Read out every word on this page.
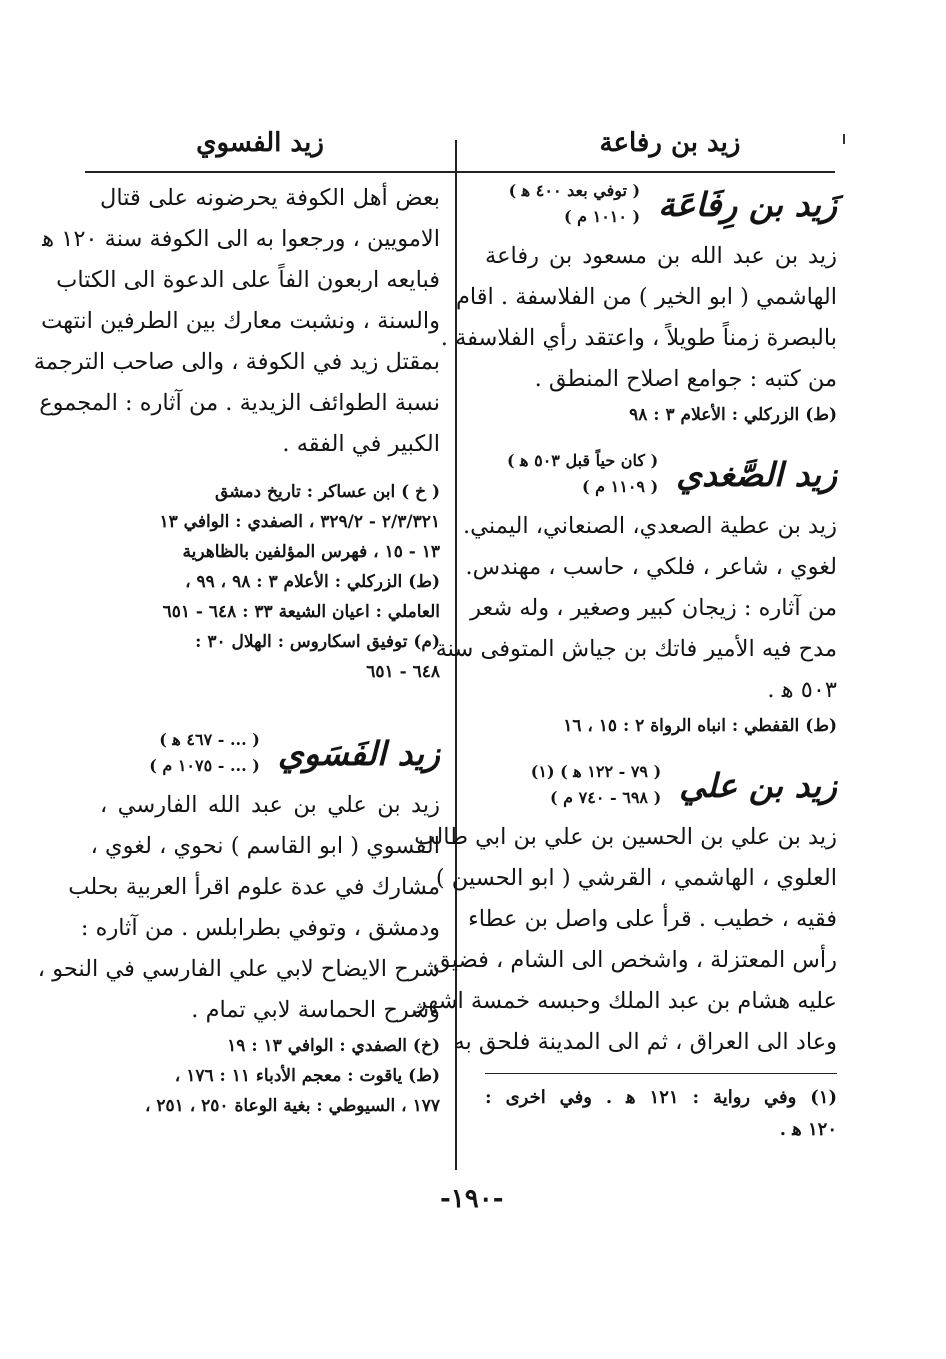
زيد بن رفاعة
زيد الفسوي
زَيد بن رِفَاعَة
( توفي بعد ٤٠٠ ﻫ )
( ١٠١٠ م )

زيد بن عبد الله بن مسعود بن رفاعة

الهاشمي ( ابو الخير ) من الفلاسفة . اقام

بالبصرة زمناً طويلاً ، واعتقد رأي الفلاسفة .

من كتبه : جوامع اصلاح المنطق .

(ط) الزركلي : الأعلام ٣ : ٩٨

زيد الصَّغدي
( كان حياً قبل ٥٠٣ ﻫ )
( ١١٠٩ م )

زيد بن عطية الصعدي، الصنعاني، اليمني.

لغوي ، شاعر ، فلكي ، حاسب ، مهندس.

من آثاره : زيجان كبير وصغير ، وله شعر

مدح فيه الأمير فاتك بن جياش المتوفى سنة

٥٠٣ ﻫ .

(ط) القفطي : انباه الرواة ٢ : ١٥ ، ١٦

زيد بن علي
( ٧٩ - ١٢٢ ﻫ ) (١)
( ٦٩٨ - ٧٤٠ م )

زيد بن علي بن الحسين بن علي بن ابي طالب

العلوي ، الهاشمي ، القرشي ( ابو الحسين )

فقيه ، خطيب . قرأ على واصل بن عطاء

رأس المعتزلة ، واشخص الى الشام ، فضيق

عليه هشام بن عبد الملك وحبسه خمسة اشهر

وعاد الى العراق ، ثم الى المدينة فلحق به

(١) وفي رواية : ١٢١ ﻫ . وفي اخرى :

١٢٠ ﻫ .

بعض أهل الكوفة يحرضونه على قتال

الامويين ، ورجعوا به الى الكوفة سنة ١٢٠ ﻫ

فبايعه اربعون الفاً على الدعوة الى الكتاب

والسنة ، ونشبت معارك بين الطرفين انتهت

بمقتل زيد في الكوفة ، والى صاحب الترجمة

نسبة الطوائف الزيدية . من آثاره : المجموع

الكبير في الفقه .

( خ ) ابن عساكر : تاريخ دمشق

٢/٣/٣٢١ - ٣٢٩/٢ ، الصفدي : الوافي ١٣

١٣ - ١٥ ، فهرس المؤلفين بالظاهرية

(ط) الزركلي : الأعلام ٣ : ٩٨ ، ٩٩ ،

العاملي : اعيان الشيعة ٣٣ : ٦٤٨ - ٦٥١

(م) توفيق اسكاروس : الهلال ٣٠ :

٦٤٨ - ٦٥١

زيد الفَسَوي
( ... - ٤٦٧ ﻫ )
( ... - ١٠٧٥ م )

زيد بن علي بن عبد الله الفارسي ،

الفسوي ( ابو القاسم ) نحوي ، لغوي ،

مشارك في عدة علوم اقرأ العربية بحلب

ودمشق ، وتوفي بطرابلس . من آثاره :

شرح الايضاح لابي علي الفارسي في النحو ،

وشرح الحماسة لابي تمام .

(خ) الصفدي : الوافي ١٣ : ١٩

(ط) ياقوت : معجم الأدباء ١١ : ١٧٦ ،

١٧٧ ، السيوطي : بغية الوعاة ٢٥٠ ، ٢٥١ ،

-١٩٠-
